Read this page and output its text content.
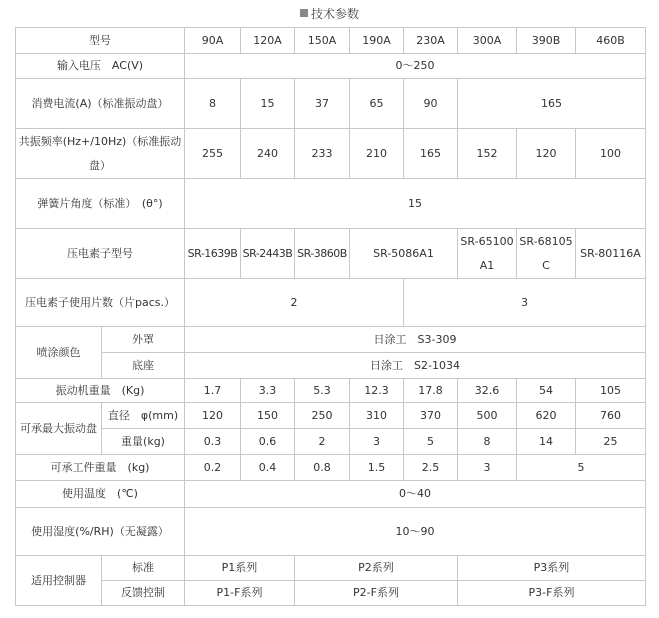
技术参数
型号		90A	120A	150A	190A	230A	300A	390B	460B
输入电压　AC(V)		0～250							
消费电流(A)（标准振动盘）		8	15	37	65	90	165		
共振频率(Hz+/10Hz)（标准振动盘）		255	240	233	210	165	152	120	100
弹簧片角度（标准）　(θ°)		15							
压电素子型号		SR-1639B	SR-2443B	SR-3860B	SR-5086A1		SR-65100A1	SR-68105C	SR-80116A
压电素子使用片数（片pacs.）		2				3			
喷涂颜色	外罩	日涂工　S3-309							
	底座	日涂工　S2-1034							
振动机重量　(Kg)		1.7	3.3	5.3	12.3	17.8	32.6	54	105
可承最大振动盘	直径　φ(mm)	120	150	250	310	370	500	620	760
	重量(kg)	0.3	0.6	2	3	5	8	14	25
可承工件重量　(kg)		0.2	0.4	0.8	1.5	2.5	3	5	
使用温度　(℃)		0～40							
使用湿度(%/RH)（无凝露）		10～90							
适用控制器	标准	P1系列		P2系列			P3系列		
	反馈控制	P1-F系列		P2-F系列			P3-F系列		
